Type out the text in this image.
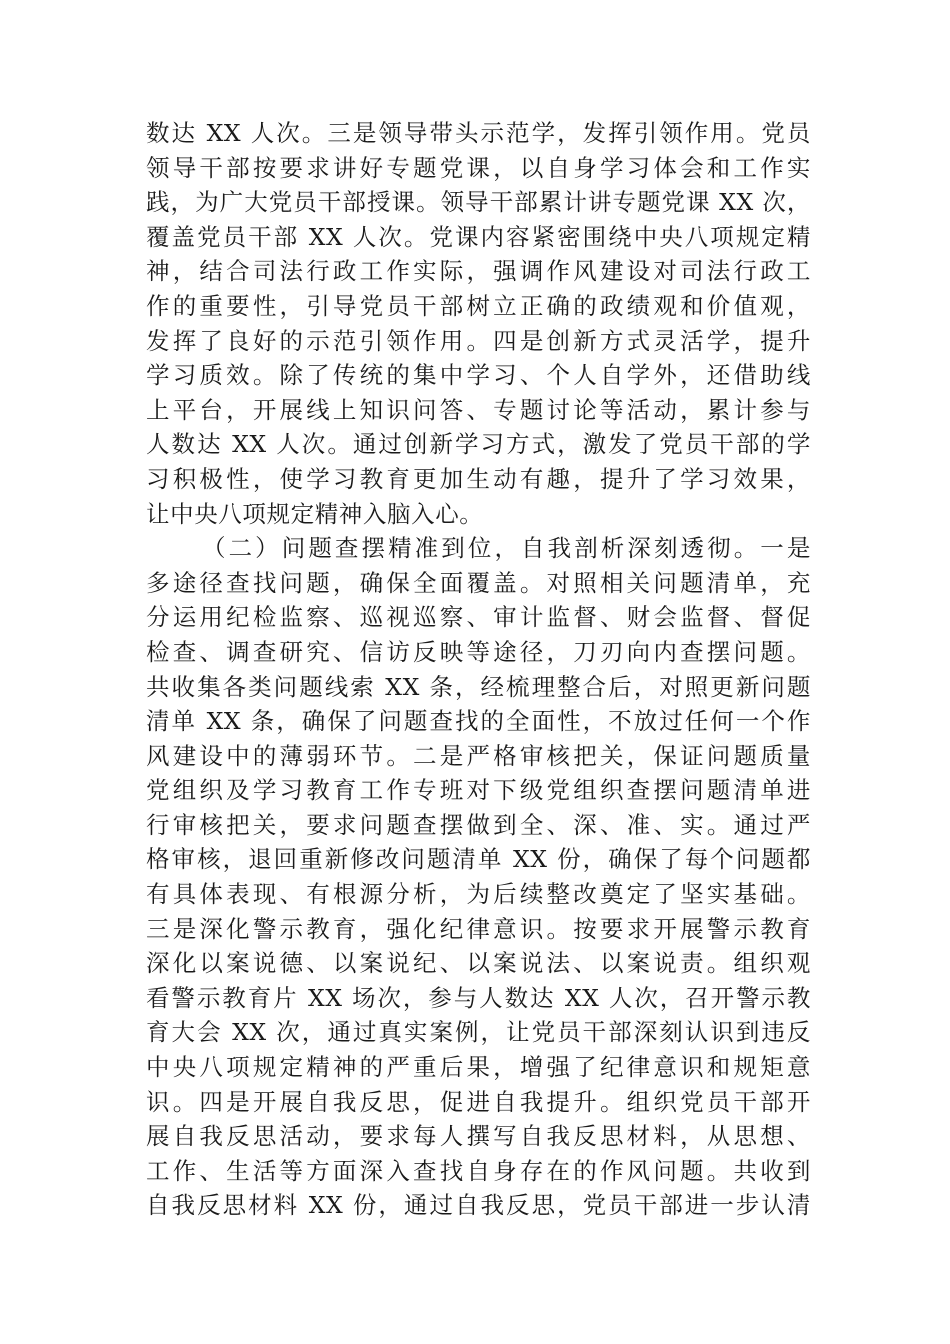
数达 XX 人次。三是领导带头示范学，发挥引领作用。党员
领导干部按要求讲好专题党课，以自身学习体会和工作实
践，为广大党员干部授课。领导干部累计讲专题党课 XX 次，
覆盖党员干部 XX 人次。党课内容紧密围绕中央八项规定精
神，结合司法行政工作实际，强调作风建设对司法行政工
作的重要性，引导党员干部树立正确的政绩观和价值观，
发挥了良好的示范引领作用。四是创新方式灵活学，提升
学习质效。除了传统的集中学习、个人自学外，还借助线
上平台，开展线上知识问答、专题讨论等活动，累计参与
人数达 XX 人次。通过创新学习方式，激发了党员干部的学
习积极性，使学习教育更加生动有趣，提升了学习效果，
让中央八项规定精神入脑入心。
（二）问题查摆精准到位，自我剖析深刻透彻。一是
多途径查找问题，确保全面覆盖。对照相关问题清单，充
分运用纪检监察、巡视巡察、审计监督、财会监督、督促
检查、调查研究、信访反映等途径，刀刃向内查摆问题。
共收集各类问题线索 XX 条，经梳理整合后，对照更新问题
清单 XX 条，确保了问题查找的全面性，不放过任何一个作
风建设中的薄弱环节。二是严格审核把关，保证问题质量
党组织及学习教育工作专班对下级党组织查摆问题清单进
行审核把关，要求问题查摆做到全、深、准、实。通过严
格审核，退回重新修改问题清单 XX 份，确保了每个问题都
有具体表现、有根源分析，为后续整改奠定了坚实基础。
三是深化警示教育，强化纪律意识。按要求开展警示教育
深化以案说德、以案说纪、以案说法、以案说责。组织观
看警示教育片 XX 场次，参与人数达 XX 人次，召开警示教
育大会 XX 次，通过真实案例，让党员干部深刻认识到违反
中央八项规定精神的严重后果，增强了纪律意识和规矩意
识。四是开展自我反思，促进自我提升。组织党员干部开
展自我反思活动，要求每人撰写自我反思材料，从思想、
工作、生活等方面深入查找自身存在的作风问题。共收到
自我反思材料 XX 份，通过自我反思，党员干部进一步认清
